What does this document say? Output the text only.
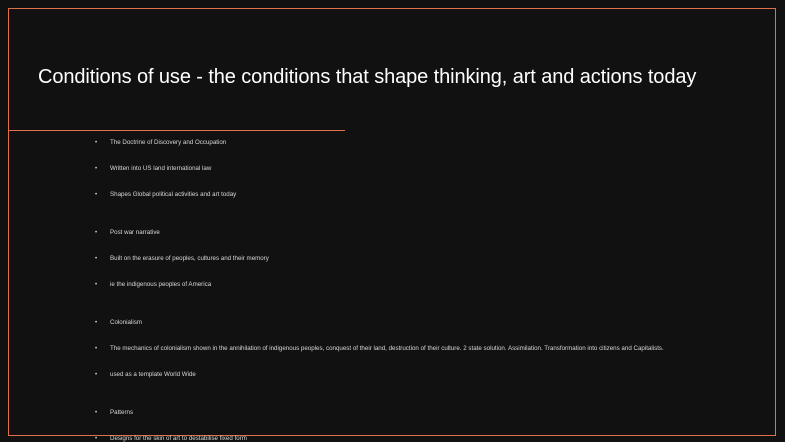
Conditions of use - the conditions that shape thinking, art and actions today
• The Doctrine of Discovery and Occupation
• Written into US land international law
• Shapes Global political activities and art today
• Post war narrative
• Built on the erasure of peoples, cultures and their memory
• ie the indigenous peoples of America
• Colonialism
• The mechanics of colonialism shown in the annihilation of indigenous peoples, conquest of their land, destruction of their culture. 2 state solution. Assimilation. Transformation into citizens and Capitalists.
• used as a template World Wide
• Patterns
• Designs for the skin of art to destabilise fixed form
